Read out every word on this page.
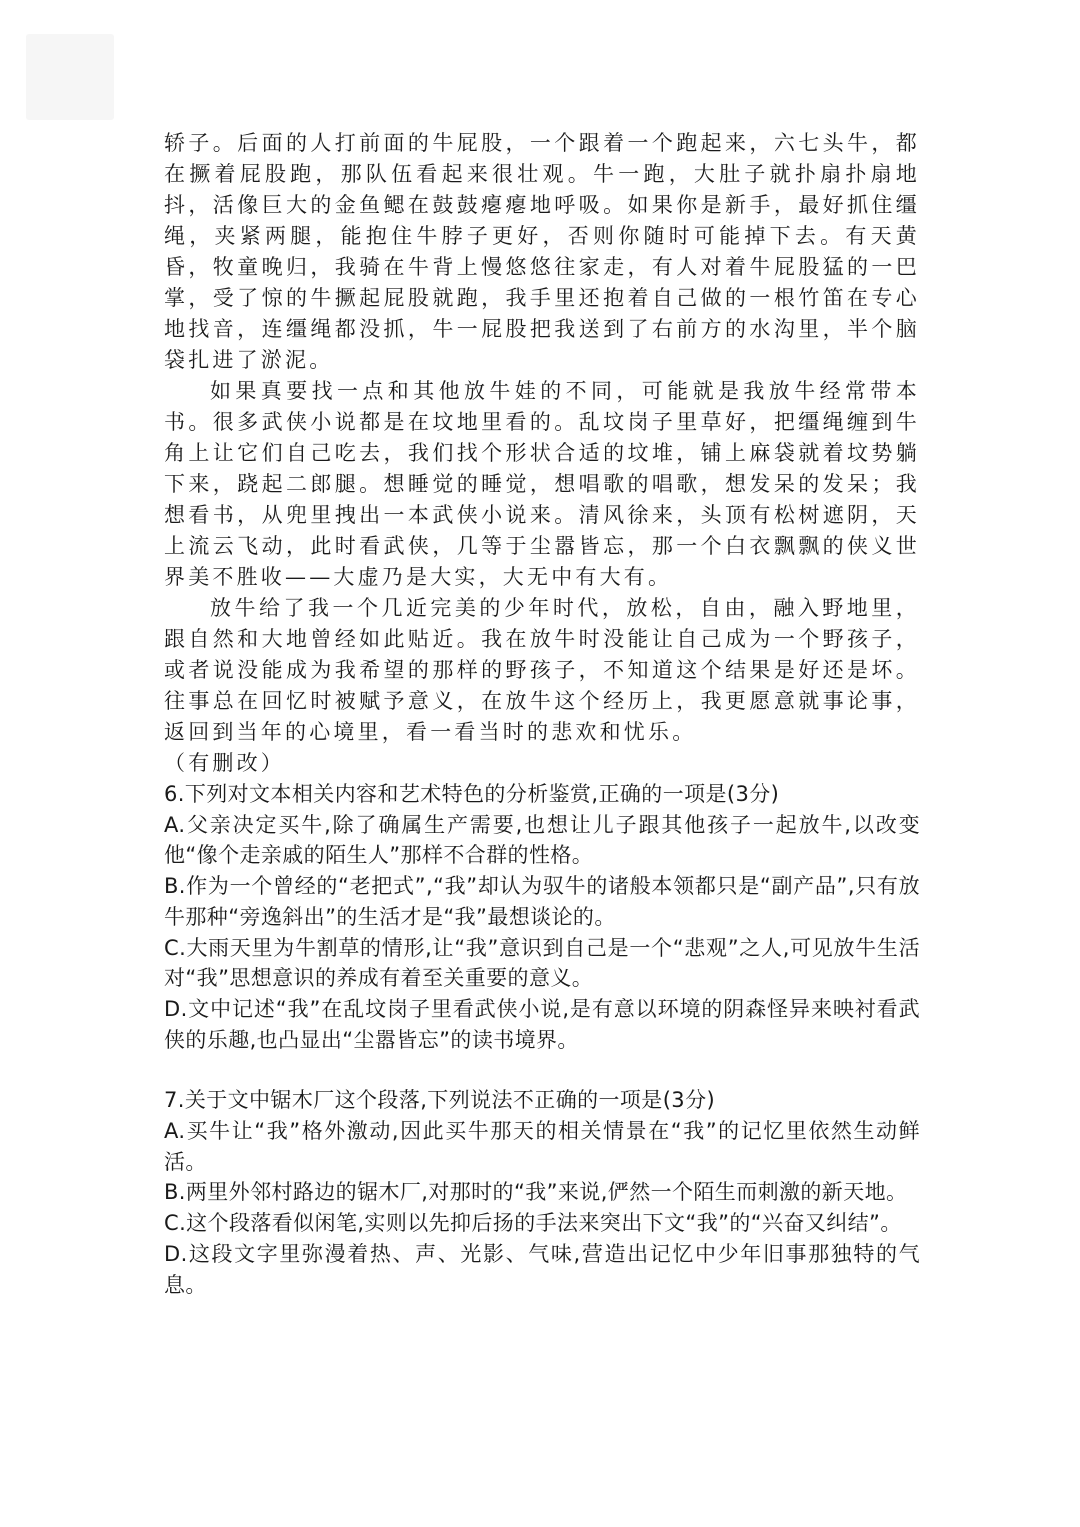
轿子。后面的人打前面的牛屁股，一个跟着一个跑起来，六七头牛，都在撅着屁股跑，那队伍看起来很壮观。牛一跑，大肚子就扑扇扑扇地抖，活像巨大的金鱼鳃在鼓鼓瘪瘪地呼吸。如果你是新手，最好抓住缰绳，夹紧两腿，能抱住牛脖子更好，否则你随时可能掉下去。有天黄昏，牧童晚归，我骑在牛背上慢悠悠往家走，有人对着牛屁股猛的一巴掌，受了惊的牛撅起屁股就跑，我手里还抱着自己做的一根竹笛在专心地找音，连缰绳都没抓，牛一屁股把我送到了右前方的水沟里，半个脑袋扎进了淤泥。

如果真要找一点和其他放牛娃的不同，可能就是我放牛经常带本书。很多武侠小说都是在坟地里看的。乱坟岗子里草好，把缰绳缠到牛角上让它们自己吃去，我们找个形状合适的坟堆，铺上麻袋就着坟势躺下来，跷起二郎腿。想睡觉的睡觉，想唱歌的唱歌，想发呆的发呆；我想看书，从兜里拽出一本武侠小说来。清风徐来，头顶有松树遮阴，天上流云飞动，此时看武侠，几等于尘嚣皆忘，那一个白衣飘飘的侠义世界美不胜收——大虚乃是大实，大无中有大有。

放牛给了我一个几近完美的少年时代，放松，自由，融入野地里，跟自然和大地曾经如此贴近。我在放牛时没能让自己成为一个野孩子，或者说没能成为我希望的那样的野孩子，不知道这个结果是好还是坏。往事总在回忆时被赋予意义，在放牛这个经历上，我更愿意就事论事，返回到当年的心境里，看一看当时的悲欢和忧乐。

（有删改）

6.下列对文本相关内容和艺术特色的分析鉴赏,正确的一项是(3分)

A.父亲决定买牛,除了确属生产需要,也想让儿子跟其他孩子一起放牛,以改变他“像个走亲戚的陌生人”那样不合群的性格。

B.作为一个曾经的“老把式”,“我”却认为驭牛的诸般本领都只是“副产品”,只有放牛那种“旁逸斜出”的生活才是“我”最想谈论的。

C.大雨天里为牛割草的情形,让“我”意识到自己是一个“悲观”之人,可见放牛生活对“我”思想意识的养成有着至关重要的意义。

D.文中记述“我”在乱坟岗子里看武侠小说,是有意以环境的阴森怪异来映衬看武侠的乐趣,也凸显出“尘嚣皆忘”的读书境界。

7.关于文中锯木厂这个段落,下列说法不正确的一项是(3分)

A.买牛让“我”格外激动,因此买牛那天的相关情景在“我”的记忆里依然生动鲜活。

B.两里外邻村路边的锯木厂,对那时的“我”来说,俨然一个陌生而刺激的新天地。

C.这个段落看似闲笔,实则以先抑后扬的手法来突出下文“我”的“兴奋又纠结”。

D.这段文字里弥漫着热、声、光影、气味,营造出记忆中少年旧事那独特的气息。
